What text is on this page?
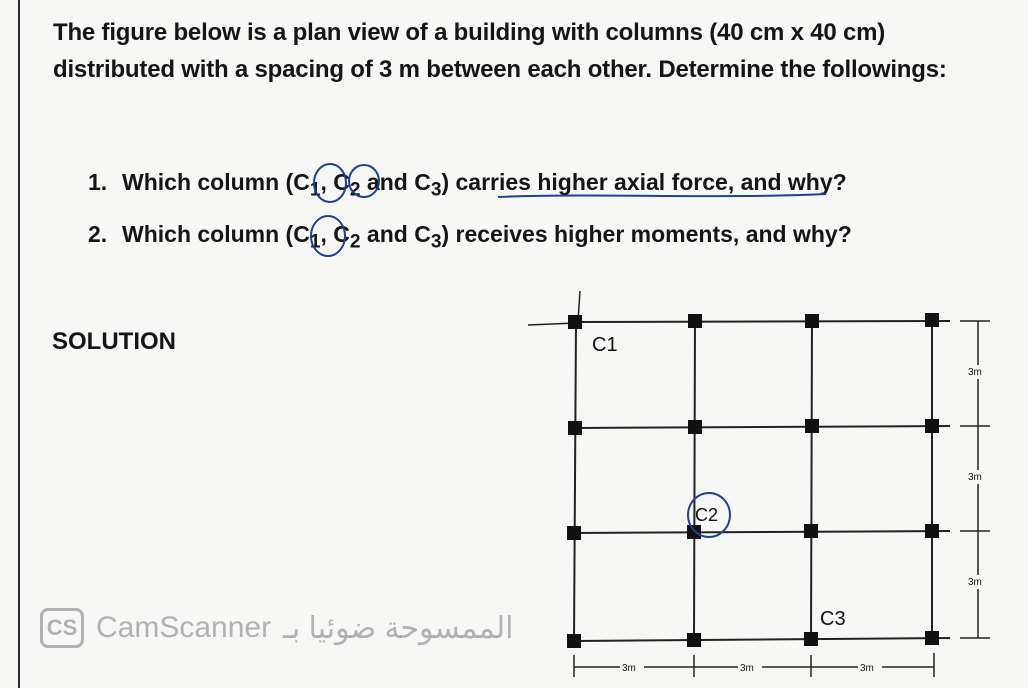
The figure below is a plan view of a building with columns (40 cm x 40 cm) distributed with a spacing of 3 m between each other. Determine the followings:

1. Which column ($C_1$, $C_2$ and $C_3$) carries higher axial force, and why?
2. Which column ($C_1$, $C_2$ and $C_3$) receives higher moments, and why?
SOLUTION	C1
C2
C3
3m	3m	3m
3m
3m
3m
CS CamScanner الممسوحة ضوئيا بـ
